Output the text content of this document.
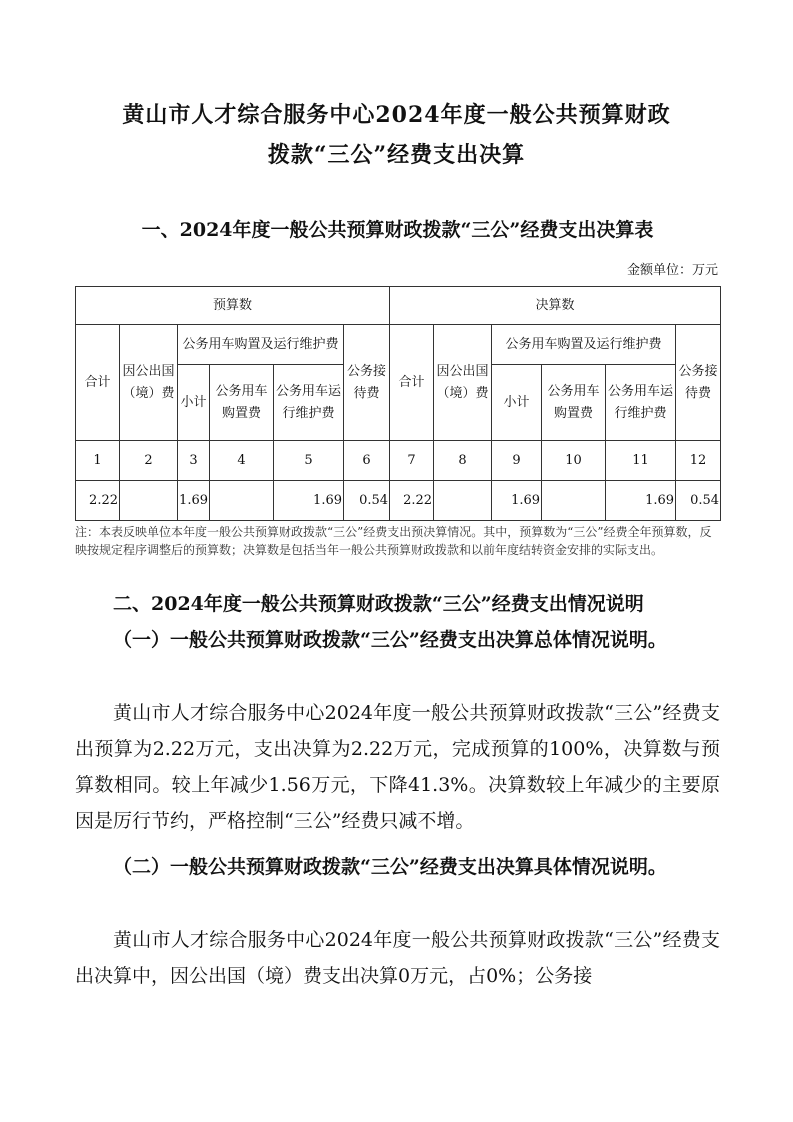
黄山市人才综合服务中心2024年度一般公共预算财政
拨款“三公”经费支出决算
一、2024年度一般公共预算财政拨款“三公”经费支出决算表
金额单位：万元
预算数						决算数					
合计	因公出国（境）费	公务用车购置及运行维护费			公务接待费	合计	因公出国（境）费	公务用车购置及运行维护费			公务接待费
		小计	公务用车购置费	公务用车运行维护费				小计	公务用车购置费	公务用车运行维护费	
1	2	3	4	5	6	7	8	9	10	11	12
2.22		1.69		1.69	0.54	2.22		1.69		1.69	0.54
注：本表反映单位本年度一般公共预算财政拨款“三公”经费支出预决算情况。其中，预算数为“三公”经费全年预算数，反映按规定程序调整后的预算数；决算数是包括当年一般公共预算财政拨款和以前年度结转资金安排的实际支出。
二、2024年度一般公共预算财政拨款“三公”经费支出情况说明
（一）一般公共预算财政拨款“三公”经费支出决算总体情况说明。
黄山市人才综合服务中心2024年度一般公共预算财政拨款“三公”经费支出预算为2.22万元，支出决算为2.22万元，完成预算的100%，决算数与预算数相同。较上年减少1.56万元，下降41.3%。决算数较上年减少的主要原因是厉行节约，严格控制“三公”经费只减不增。
（二）一般公共预算财政拨款“三公”经费支出决算具体情况说明。
黄山市人才综合服务中心2024年度一般公共预算财政拨款“三公”经费支出决算中，因公出国（境）费支出决算0万元，占0%；公务接
